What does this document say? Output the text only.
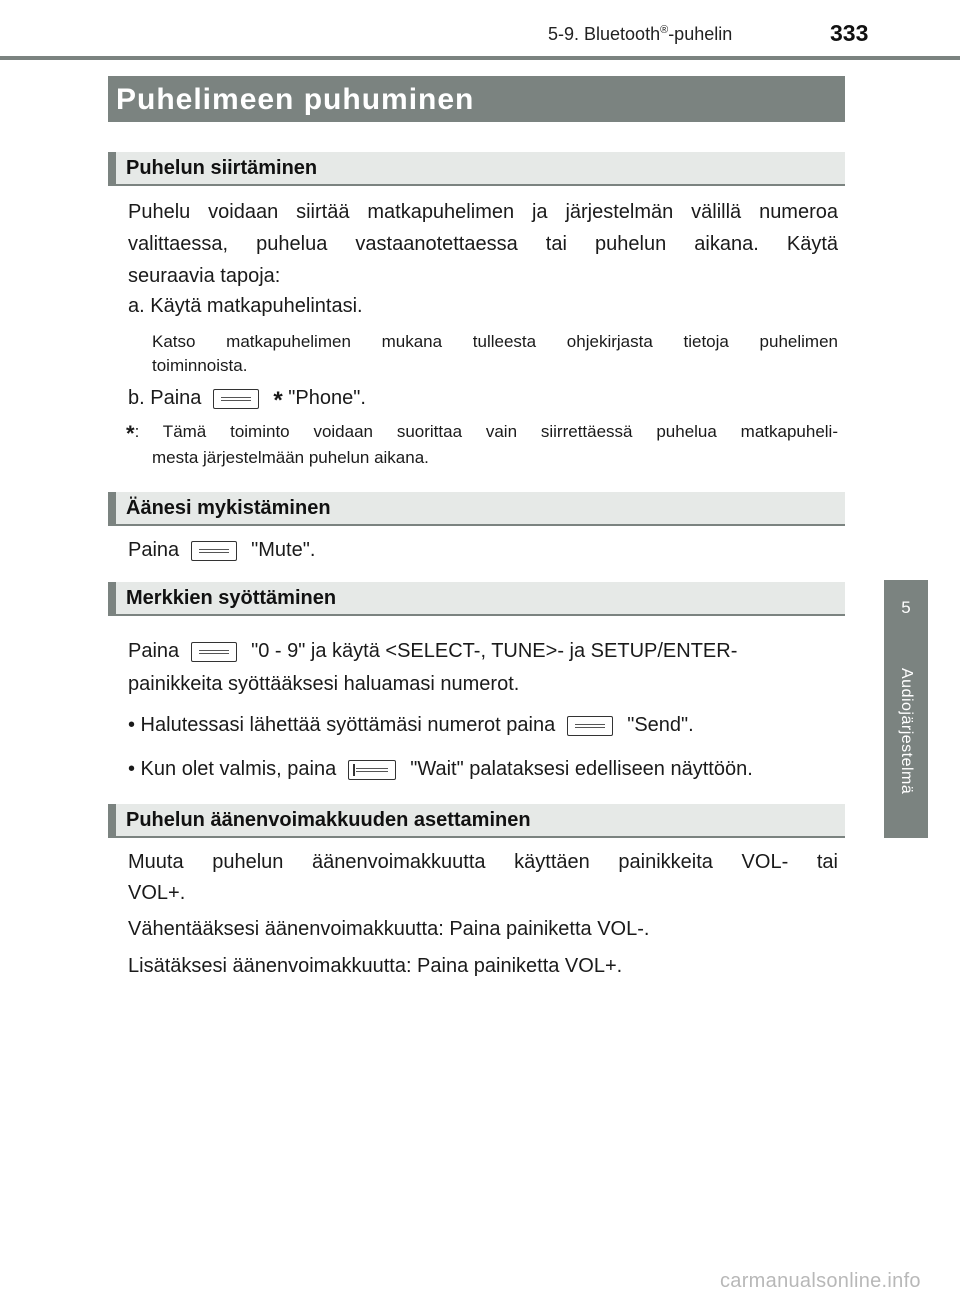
5-9. Bluetooth®-puhelin	333
5
Audiojärjestelmä
Puhelimeen puhuminen
Puhelun siirtäminen
Puhelu voidaan siirtää matkapuhelimen ja järjestelmän välillä numeroa
valittaessa, puhelua vastaanotettaessa tai puhelun aikana. Käytä
seuraavia tapoja:
a. Käytä matkapuhelintasi.
Katso matkapuhelimen mukana tulleesta ohjekirjasta tietoja puhelimen
toiminnoista.
b. Paina	* "Phone".
*: Tämä toiminto voidaan suorittaa vain siirrettäessä puhelua matkapuheli-
mesta järjestelmään puhelun aikana.
Äänesi mykistäminen
Paina	"Mute".
Merkkien syöttäminen
Paina	"0 - 9" ja käytä <SELECT-, TUNE>- ja SETUP/ENTER-
painikkeita syöttääksesi haluamasi numerot.
• Halutessasi lähettää syöttämäsi numerot paina	"Send".
• Kun olet valmis, paina	"Wait" palataksesi edelliseen näyttöön.
Puhelun äänenvoimakkuuden asettaminen
Muuta puhelun äänenvoimakkuutta käyttäen painikkeita VOL- tai
VOL+.
Vähentääksesi äänenvoimakkuutta: Paina painiketta VOL-.
Lisätäksesi äänenvoimakkuutta: Paina painiketta VOL+.
carmanualsonline.info
